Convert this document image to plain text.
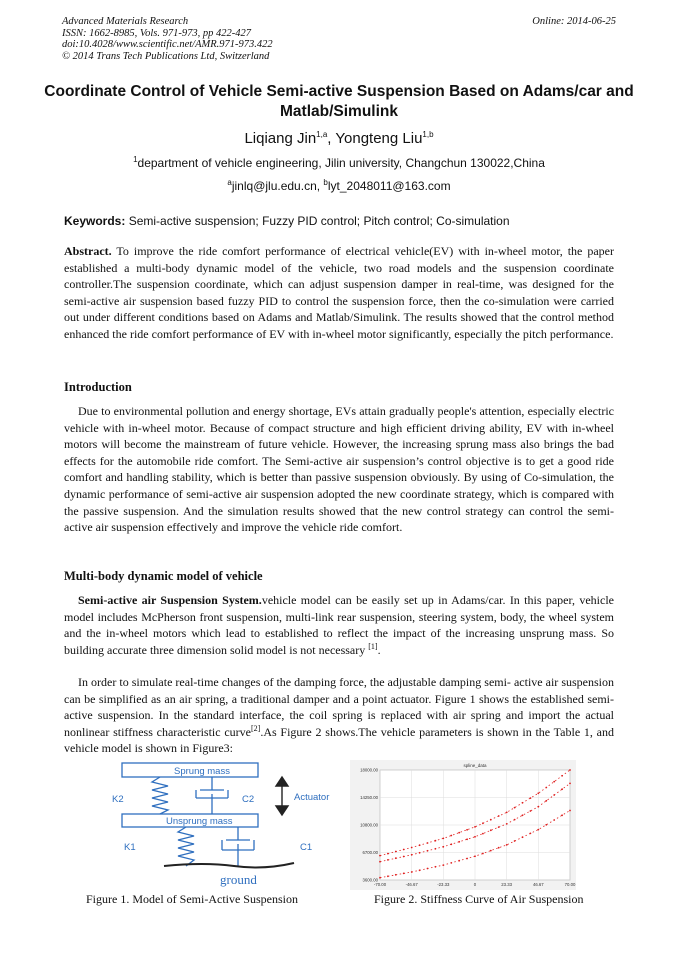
Advanced Materials Research
ISSN: 1662-8985, Vols. 971-973, pp 422-427
doi:10.4028/www.scientific.net/AMR.971-973.422
© 2014 Trans Tech Publications Ltd, Switzerland
Online: 2014-06-25
Coordinate Control of Vehicle Semi-active Suspension Based on Adams/car and Matlab/Simulink
Liqiang Jin$^{1,a}$, Yongteng Liu$^{1,b}$
$^1$department of vehicle engineering, Jilin university, Changchun 130022,China
$^a$jinlq@jlu.edu.cn, $^b$lyt_2048011@163.com
Keywords: Semi-active suspension; Fuzzy PID control; Pitch control; Co-simulation
Abstract. To improve the ride comfort performance of electrical vehicle(EV) with in-wheel motor, the paper established a multi-body dynamic model of the vehicle, two road models and the suspension coordinate controller.The suspension coordinate, which can adjust suspension damper in real-time, was designed for the semi-active air suspension based fuzzy PID to control the suspension force, then the co-simulation were carried out under different conditions based on Adams and Matlab/Simulink. The results showed that the control method enhanced the ride comfort performance of EV with in-wheel motor significantly, especially the pitch performance.
Introduction
Due to environmental pollution and energy shortage, EVs attain gradually people's attention, especially electric vehicle with in-wheel motor. Because of compact structure and high efficient driving ability, EV with in-wheel motors will become the mainstream of future vehicle. However, the increasing sprung mass also brings the bad effects for the automobile ride comfort. The Semi-active air suspension’s control objective is to get a good ride comfort and handling stability, which is better than passive suspension obviously. By using of Co-simulation, the dynamic performance of semi-active air suspension adopted the new coordinate strategy, which is compared with the passive suspension. And the simulation results showed that the new control strategy can control the semi-active air suspension effectively and improve the vehicle ride comfort.
Multi-body dynamic model of vehicle
Semi-active air Suspension System.vehicle model can be easily set up in Adams/car. In this paper, vehicle model includes McPherson front suspension, multi-link rear suspension, steering system, body, the wheel system and the in-wheel motors which lead to established to reflect the impact of the increasing unsprung mass. So building accurate three dimension solid model is not necessary [1].
In order to simulate real-time changes of the damping force, the adjustable damping semi- active air suspension can be simplified as an air spring, a traditional damper and a point actuator. Figure 1 shows the established semi-active suspension. In the standard interface, the coil spring is replaced with air spring and import the actual nonlinear stiffness characteristic curve[2].As Figure 2 shows.The vehicle parameters is shown in the Table 1, and vehicle model is shown in Figure3:
Sprung mass
Unsprung mass
K2	C2	Actuator
K1	C1
ground
spline_data
-70.00	-46.67	-23.33	0	23.33	46.67	70.00
3600.00
6700.00
10800.00
14250.00
18000.00
Figure 1. Model of Semi-Active Suspension	Figure 2. Stiffness Curve of Air Suspension
